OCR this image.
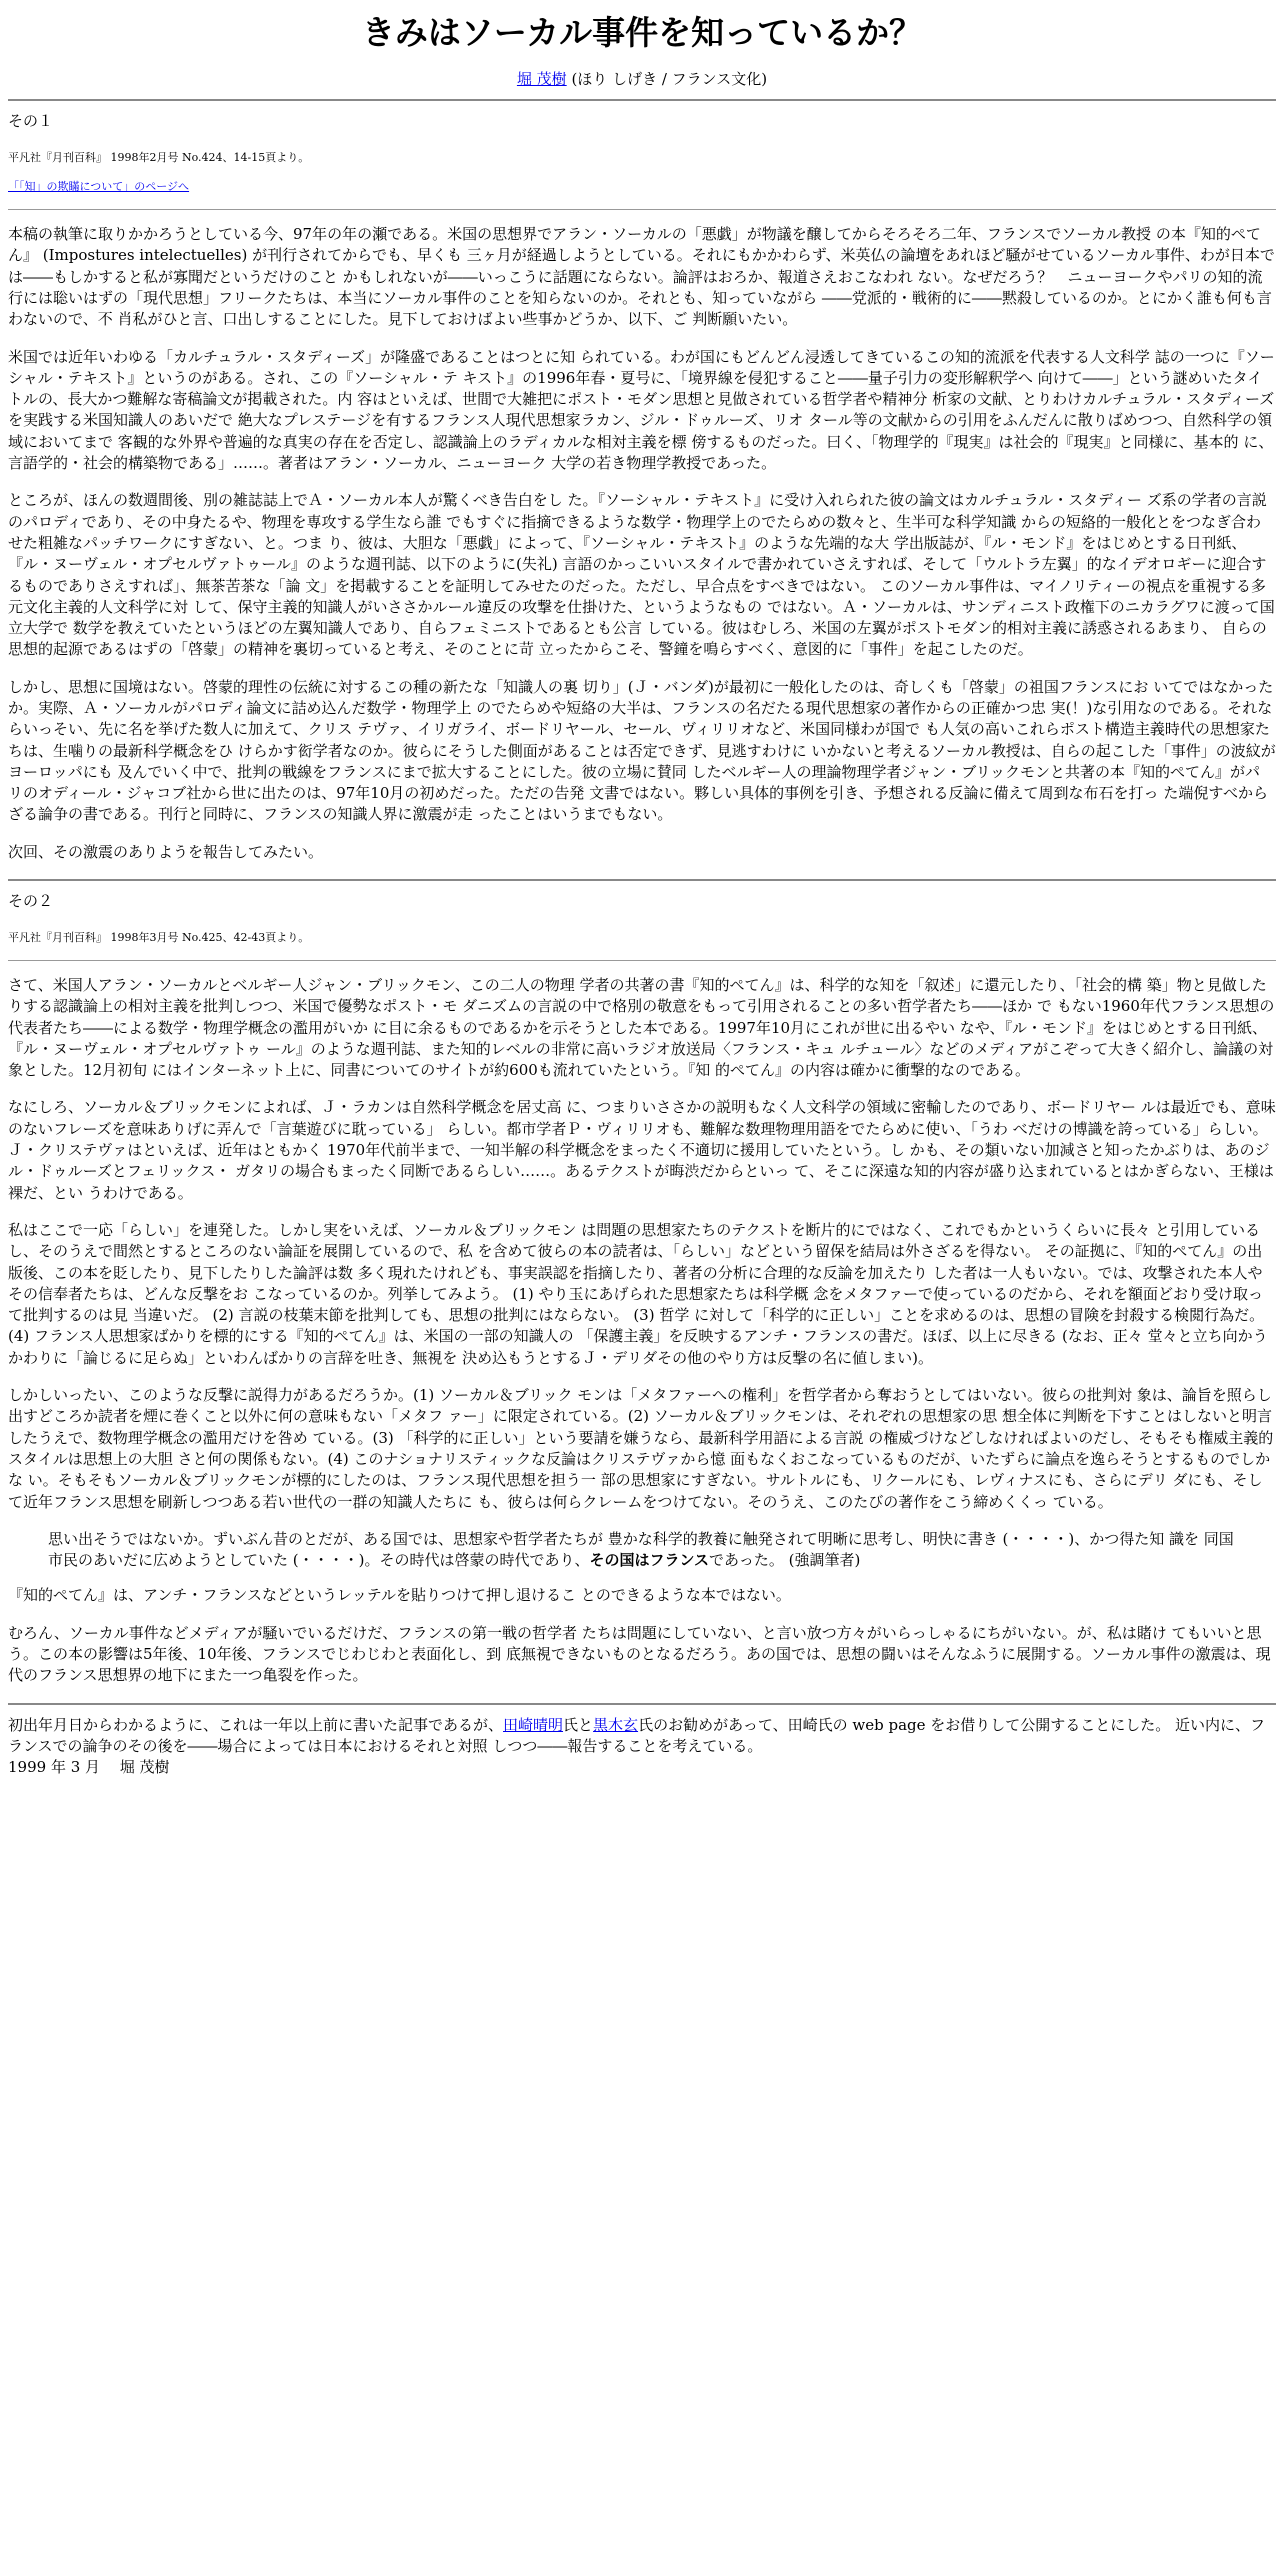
きみはソーカル事件を知っているか？
堀 茂樹 (ほり しげき / フランス文化)
その１
平凡社『月刊百科』 1998年2月号 No.424、14-15頁より。
「「知」の欺瞞について」のページへ

本稿の執筆に取りかかろうとしている今、97年の年の瀬である。米国の思想界でアラン・ソーカルの「悪戯」が物議を醸してからそろそろ二年、フランスでソーカル教授 の本『知的ぺてん』 (Impostures intelectuelles) が刊行されてからでも、早くも 三ヶ月が経過しようとしている。それにもかかわらず、米英仏の論壇をあれほど騒がせているソーカル事件、わが日本では――もしかすると私が寡聞だというだけのこと かもしれないが――いっこうに話題にならない。論評はおろか、報道さえおこなわれ ない。なぜだろう？　ニューヨークやパリの知的流行には聡いはずの「現代思想」フリークたちは、本当にソーカル事件のことを知らないのか。それとも、知っていながら ――党派的・戦術的に――黙殺しているのか。とにかく誰も何も言わないので、不 肖私がひと言、口出しすることにした。見下しておけばよい些事かどうか、以下、ご 判断願いたい。

米国では近年いわゆる「カルチュラル・スタディーズ」が隆盛であることはつとに知 られている。わが国にもどんどん浸透してきているこの知的流派を代表する人文科学 誌の一つに『ソーシャル・テキスト』というのがある。され、この『ソーシャル・テ キスト』の1996年春・夏号に、「境界線を侵犯すること――量子引力の変形解釈学へ 向けて――」という謎めいたタイトルの、長大かつ難解な寄稿論文が掲載された。内 容はといえば、世間で大雑把にポスト・モダン思想と見做されている哲学者や精神分 析家の文献、とりわけカルチュラル・スタディーズを実践する米国知識人のあいだで 絶大なプレステージを有するフランス人現代思想家ラカン、ジル・ドゥルーズ、リオ タール等の文献からの引用をふんだんに散りばめつつ、自然科学の領域においてまで 客観的な外界や普遍的な真実の存在を否定し、認識論上のラディカルな相対主義を標 傍するものだった。曰く、「物理学的『現実』は社会的『現実』と同様に、基本的 に、言語学的・社会的構築物である」……。著者はアラン・ソーカル、ニューヨーク 大学の若き物理学教授であった。

ところが、ほんの数週間後、別の雑誌誌上でＡ・ソーカル本人が驚くべき告白をし た。『ソーシャル・テキスト』に受け入れられた彼の論文はカルチュラル・スタディー ズ系の学者の言説のパロディであり、その中身たるや、物理を専攻する学生なら誰 でもすぐに指摘できるような数学・物理学上のでたらめの数々と、生半可な科学知識 からの短絡的一般化とをつなぎ合わせた粗雑なパッチワークにすぎない、と。つま り、彼は、大胆な「悪戯」によって、『ソーシャル・テキスト』のような先端的な大 学出版誌が、『ル・モンド』をはじめとする日刊紙、『ル・ヌーヴェル・オプセルヴァトゥール』のような週刊誌、以下のように(失礼) 言語のかっこいいスタイルで書かれていさえすれば、そして「ウルトラ左翼」的なイデオロギーに迎合するものでありさえすれば」、無茶苦茶な「論 文」を掲載することを証明してみせたのだった。ただし、早合点をすべきではない。 このソーカル事件は、マイノリティーの視点を重視する多元文化主義的人文科学に対 して、保守主義的知識人がいささかルール違反の攻撃を仕掛けた、というようなもの ではない。Ａ・ソーカルは、サンディニスト政権下のニカラグワに渡って国立大学で 数学を教えていたというほどの左翼知識人であり、自らフェミニストであるとも公言 している。彼はむしろ、米国の左翼がポストモダン的相対主義に誘惑されるあまり、 自らの思想的起源であるはずの「啓蒙」の精神を裏切っていると考え、そのことに苛 立ったからこそ、警鐘を鳴らすべく、意図的に「事件」を起こしたのだ。

しかし、思想に国境はない。啓蒙的理性の伝統に対するこの種の新たな「知識人の裏 切り」(Ｊ・バンダ)が最初に一般化したのは、奇しくも「啓蒙」の祖国フランスにお いてではなかったか。実際、Ａ・ソーカルがパロディ論文に詰め込んだ数学・物理学上 のでたらめや短絡の大半は、フランスの名だたる現代思想家の著作からの正確かつ忠 実(！)な引用なのである。それならいっそい、先に名を挙げた数人に加えて、クリス テヴァ、イリガライ、ボードリヤール、セール、ヴィリリオなど、米国同様わが国で も人気の高いこれらポスト構造主義時代の思想家たちは、生噛りの最新科学概念をひ けらかす衒学者なのか。彼らにそうした側面があることは否定できず、見逃すわけに いかないと考えるソーカル教授は、自らの起こした「事件」の波紋がヨーロッパにも 及んでいく中で、批判の戦線をフランスにまで拡大することにした。彼の立場に賛同 したベルギー人の理論物理学者ジャン・ブリックモンと共著の本『知的ぺてん』がパ リのオディール・ジャコブ社から世に出たのは、97年10月の初めだった。ただの告発 文書ではない。夥しい具体的事例を引き、予想される反論に備えて周到な布石を打っ た端倪すべからざる論争の書である。刊行と同時に、フランスの知識人界に激震が走 ったことはいうまでもない。

次回、その激震のありようを報告してみたい。

その２
平凡社『月刊百科』 1998年3月号 No.425、42-43頁より。

さて、米国人アラン・ソーカルとベルギー人ジャン・ブリックモン、この二人の物理 学者の共著の書『知的ぺてん』は、科学的な知を「叙述」に還元したり、「社会的構 築」物と見做したりする認識論上の相対主義を批判しつつ、米国で優勢なポスト・モ ダニズムの言説の中で格別の敬意をもって引用されることの多い哲学者たち――ほか で もない1960年代フランス思想の代表者たち――による数学・物理学概念の濫用がいか に目に余るものであるかを示そうとした本である。1997年10月にこれが世に出るやい なや、『ル・モンド』をはじめとする日刊紙、『ル・ヌーヴェル・オプセルヴァトゥ ール』のような週刊誌、また知的レベルの非常に高いラジオ放送局〈フランス・キュ ルチュール〉などのメディアがこぞって大きく紹介し、論議の対象とした。12月初旬 にはインターネット上に、同書についてのサイトが約600も流れていたという。『知 的ぺてん』の内容は確かに衝撃的なのである。

なにしろ、ソーカル＆ブリックモンによれば、Ｊ・ラカンは自然科学概念を居丈高 に、つまりいささかの説明もなく人文科学の領域に密輸したのであり、ボードリヤー ルは最近でも、意味のないフレーズを意味ありげに弄んで「言葉遊びに耽っている」 らしい。都市学者Ｐ・ヴィリリオも、難解な数理物理用語をでたらめに使い、「うわ べだけの博識を誇っている」らしい。Ｊ・クリステヴァはといえば、近年はともかく 1970年代前半まで、一知半解の科学概念をまったく不適切に援用していたという。し かも、その類いない加減さと知ったかぶりは、あのジル・ドゥルーズとフェリックス・ ガタリの場合もまったく同断であるらしい……。あるテクストが晦渋だからといっ て、そこに深遠な知的内容が盛り込まれているとはかぎらない、王様は裸だ、とい うわけである。

私はここで一応「らしい」を連発した。しかし実をいえば、ソーカル＆ブリックモン は問題の思想家たちのテクストを断片的にではなく、これでもかというくらいに長々 と引用しているし、そのうえで間然とするところのない論証を展開しているので、私 を含めて彼らの本の読者は、「らしい」などという留保を結局は外さざるを得ない。 その証拠に、『知的ぺてん』の出版後、この本を貶したり、見下したりした論評は数 多く現れたけれども、事実誤認を指摘したり、著者の分析に合理的な反論を加えたり した者は一人もいない。では、攻撃された本人やその信奉者たちは、どんな反撃をお こなっているのか。列挙してみよう。 (1) やり玉にあげられた思想家たちは科学概 念をメタファーで使っているのだから、それを額面どおり受け取って批判するのは見 当違いだ。 (2) 言説の枝葉末節を批判しても、思想の批判にはならない。 (3) 哲学 に対して「科学的に正しい」ことを求めるのは、思想の冒険を封殺する検閲行為だ。 (4) フランス人思想家ばかりを標的にする『知的ぺてん』は、米国の一部の知識人の 「保護主義」を反映するアンチ・フランスの書だ。ほぼ、以上に尽きる (なお、正々 堂々と立ち向かうかわりに「論じるに足らぬ」といわんばかりの言辞を吐き、無視を 決め込もうとするＪ・デリダその他のやり方は反撃の名に値しまい)。

しかしいったい、このような反撃に説得力があるだろうか。(1) ソーカル＆ブリック モンは「メタファーへの権利」を哲学者から奪おうとしてはいない。彼らの批判対 象は、論旨を照らし出すどころか読者を煙に巻くこと以外に何の意味もない「メタフ ァー」に限定されている。(2) ソーカル＆ブリックモンは、それぞれの思想家の思 想全体に判断を下すことはしないと明言したうえで、数物理学概念の濫用だけを咎め ている。(3) 「科学的に正しい」という要請を嫌うなら、最新科学用語による言説 の権威づけなどしなければよいのだし、そもそも権威主義的スタイルは思想上の大胆 さと何の関係もない。(4) このナショナリスティックな反論はクリステヴァから憶 面もなくおこなっているものだが、いたずらに論点を逸らそうとするものでしかな い。そもそもソーカル＆ブリックモンが標的にしたのは、フランス現代思想を担う一 部の思想家にすぎない。サルトルにも、リクールにも、レヴィナスにも、さらにデリ ダにも、そして近年フランス思想を刷新しつつある若い世代の一群の知識人たちに も、彼らは何らクレームをつけてない。そのうえ、このたびの著作をこう締めくくっ ている。

思い出そうではないか。ずいぶん昔のとだが、ある国では、思想家や哲学者たちが 豊かな科学的教養に触発されて明晰に思考し、明快に書き (・・・・)、かつ得た知 識を 同国市民のあいだに広めようとしていた (・・・・)。その時代は啓蒙の時代であり、その国はフランスであった。 (強調筆者)

『知的ぺてん』は、アンチ・フランスなどというレッテルを貼りつけて押し退けるこ とのできるような本ではない。

むろん、ソーカル事件などメディアが騒いでいるだけだ、フランスの第一戦の哲学者 たちは問題にしていない、と言い放つ方々がいらっしゃるにちがいない。が、私は賭け てもいいと思う。この本の影響は5年後、10年後、フランスでじわじわと表面化し、到 底無視できないものとなるだろう。あの国では、思想の闘いはそんなふうに展開する。ソーカル事件の激震は、現代のフランス思想界の地下にまた一つ亀裂を作った。

初出年月日からわかるように、これは一年以上前に書いた記事であるが、田崎晴明氏と黒木玄氏のお勧めがあって、田崎氏の web page をお借りして公開することにした。 近い内に、フランスでの論争のその後を――場合によっては日本におけるそれと対照 しつつ――報告することを考えている。

1999 年 3 月　 堀 茂樹
